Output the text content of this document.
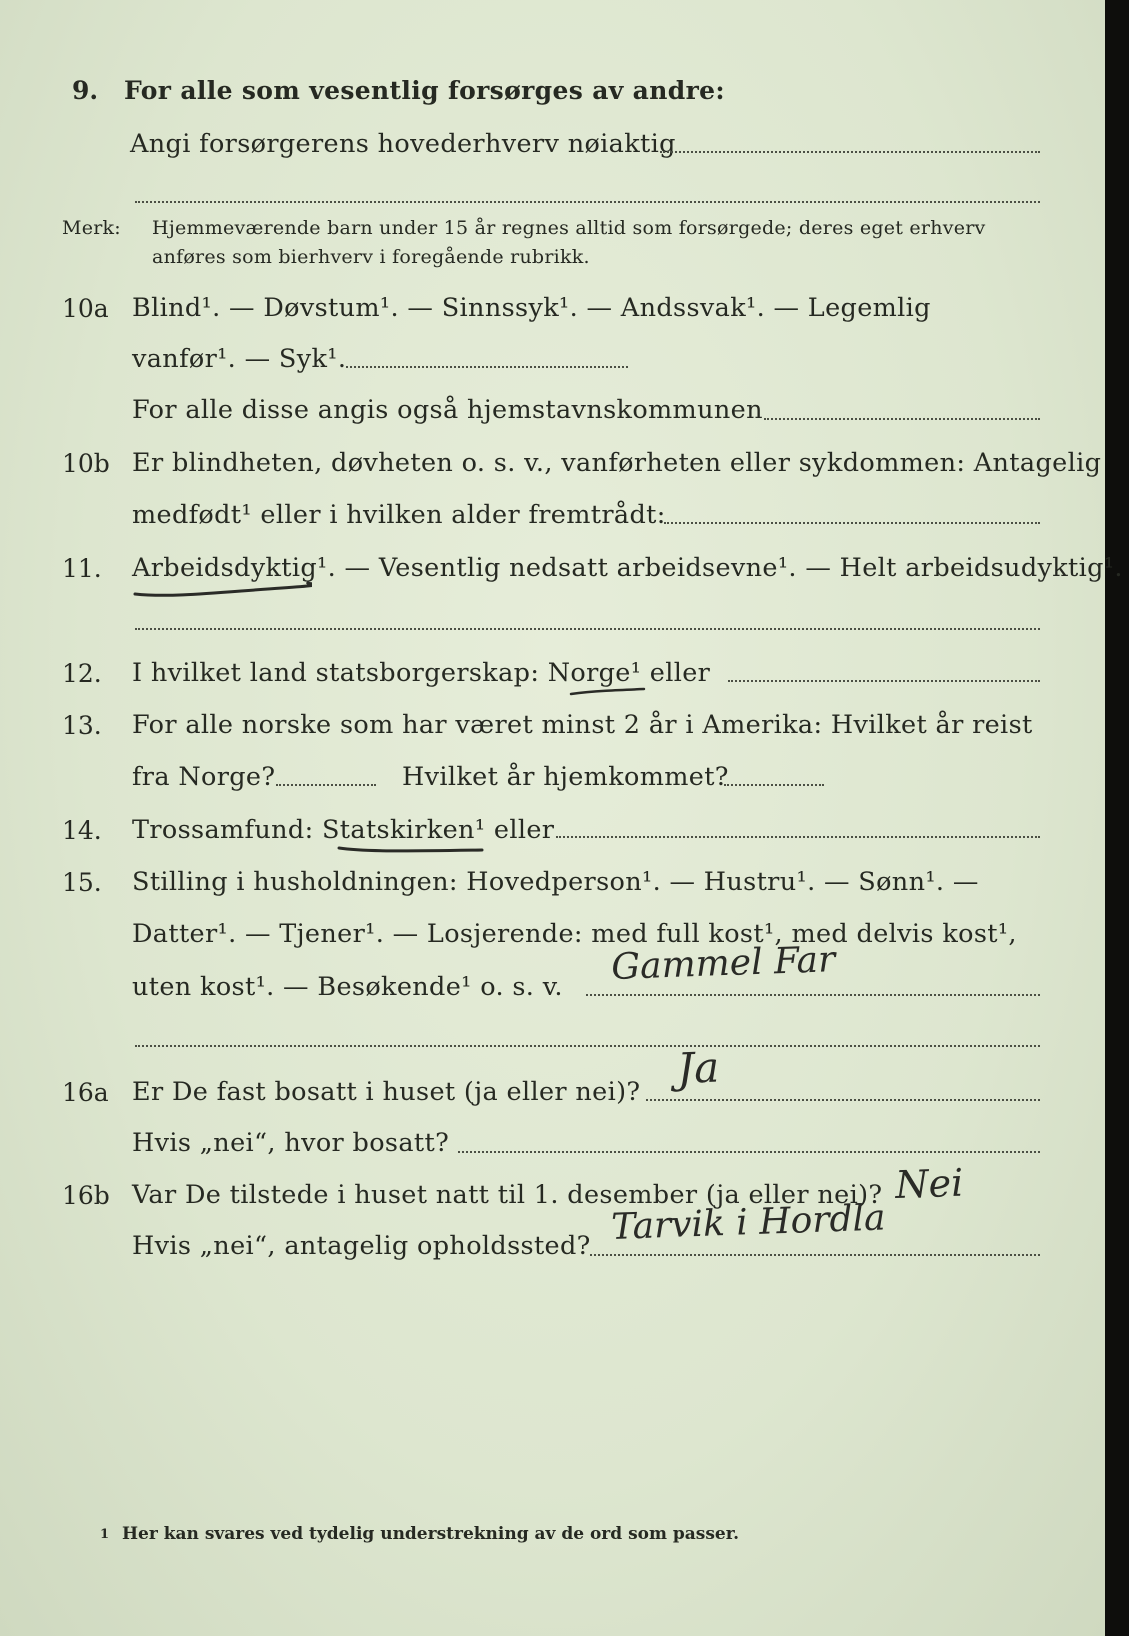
9. For alle som vesentlig forsørges av andre:
Angi forsørgerens hovederhverv nøiaktig
Merk: Hjemmeværende barn under 15 år regnes alltid som forsørgede; deres eget erhverv
anføres som bierhverv i foregående rubrikk.
10a Blind¹. — Døvstum¹. — Sinnssyk¹. — Andssvak¹. — Legemlig
vanfør¹. — Syk¹.
For alle disse angis også hjemstavnskommunen
10b Er blindheten, døvheten o. s. v., vanførheten eller sykdommen: Antagelig
medfødt¹ eller i hvilken alder fremtrådt:
11. Arbeidsdyktig¹. — Vesentlig nedsatt arbeidsevne¹. — Helt arbeidsudyktig¹.
12. I hvilket land statsborgerskap: Norge¹ eller
13. For alle norske som har været minst 2 år i Amerika: Hvilket år reist
fra Norge?	Hvilket år hjemkommet?
14. Trossamfund: Statskirken¹ eller
15. Stilling i husholdningen: Hovedperson¹. — Hustru¹. — Sønn¹. —
Datter¹. — Tjener¹. — Losjerende: med full kost¹, med delvis kost¹,
uten kost¹. — Besøkende¹ o. s. v. Gammel Far
16a Er De fast bosatt i huset (ja eller nei)? Ja
Hvis „nei“, hvor bosatt?
16b Var De tilstede i huset natt til 1. desember (ja eller nei)? Nei
Hvis „nei“, antagelig opholdssted? Tarvik i Hordla
1 Her kan svares ved tydelig understrekning av de ord som passer.
